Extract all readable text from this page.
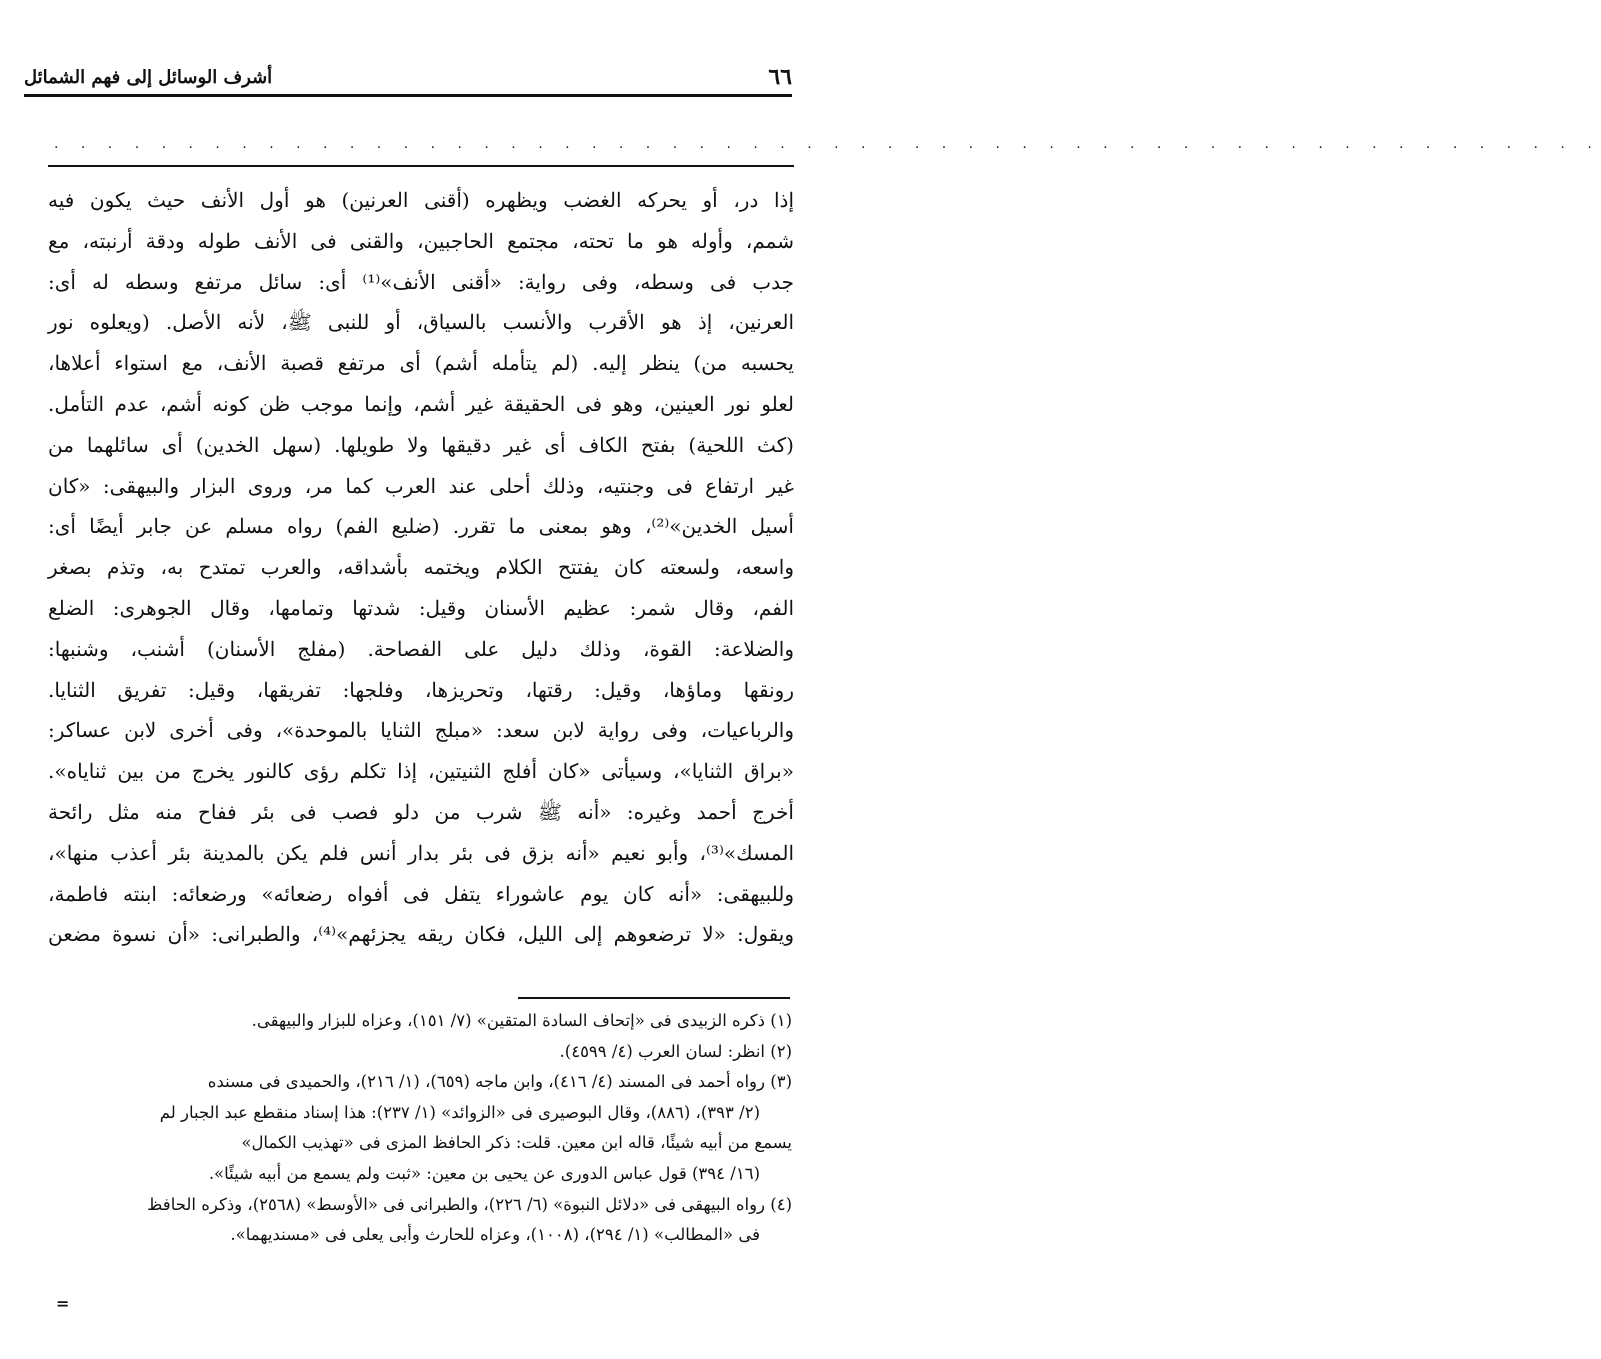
٦٦
أشرف الوسائل إلى فهم الشمائل
. . . . . . . . . . . . . . . . . . . . . . . . . . . . . . . . . . . . . . . . . . . . . . . . . . . . . . . . . .
إذا در، أو يحركه الغضب ويظهره (أقنى العرنين) هو أول الأنف حيث يكون فيه
شمم، وأوله هو ما تحته، مجتمع الحاجبين، والقنى فى الأنف طوله ودقة أرنبته، مع
جدب فى وسطه، وفى رواية: «أقنى الأنف»⁽¹⁾ أى: سائل مرتفع وسطه له أى:
العرنين، إذ هو الأقرب والأنسب بالسياق، أو للنبى ﷺ، لأنه الأصل. (ويعلوه نور
يحسبه من) ينظر إليه. (لم يتأمله أشم) أى مرتفع قصبة الأنف، مع استواء أعلاها،
لعلو نور العينين، وهو فى الحقيقة غير أشم، وإنما موجب ظن كونه أشم، عدم التأمل.
(كث اللحية) بفتح الكاف أى غير دقيقها ولا طويلها. (سهل الخدين) أى سائلهما من
غير ارتفاع فى وجنتيه، وذلك أحلى عند العرب كما مر، وروى البزار والبيهقى: «كان
أسيل الخدين»⁽²⁾، وهو بمعنى ما تقرر. (ضليع الفم) رواه مسلم عن جابر أيضًا أى:
واسعه، ولسعته كان يفتتح الكلام ويختمه بأشداقه، والعرب تمتدح به، وتذم بصغر
الفم، وقال شمر: عظيم الأسنان وقيل: شدتها وتمامها، وقال الجوهرى: الضلع
والضلاعة: القوة، وذلك دليل على الفصاحة. (مفلج الأسنان) أشنب، وشنبها:
رونقها وماؤها، وقيل: رقتها، وتحريزها، وفلجها: تفريقها، وقيل: تفريق الثنايا.
والرباعيات، وفى رواية لابن سعد: «مبلج الثنايا بالموحدة»، وفى أخرى لابن عساكر:
«براق الثنايا»، وسيأتى «كان أفلج الثنيتين، إذا تكلم رؤى كالنور يخرج من بين ثناياه».
أخرج أحمد وغيره: «أنه ﷺ شرب من دلو فصب فى بئر ففاح منه مثل رائحة
المسك»⁽³⁾، وأبو نعيم «أنه بزق فى بئر بدار أنس فلم يكن بالمدينة بئر أعذب منها»،
وللبيهقى: «أنه كان يوم عاشوراء يتفل فى أفواه رضعائه» ورضعائه: ابنته فاطمة،
ويقول: «لا ترضعوهم إلى الليل، فكان ريقه يجزئهم»⁽⁴⁾، والطبرانى: «أن نسوة مضعن
(١) ذكره الزبيدى فى «إتحاف السادة المتقين» (٧/ ١٥١)، وعزاه للبزار والبيهقى.
(٢) انظر: لسان العرب (٤/ ٤٥٩٩).
(٣) رواه أحمد فى المسند (٤/ ٤١٦)، وابن ماجه (٦٥٩)، (١/ ٢١٦)، والحميدى فى مسنده
(٢/ ٣٩٣)، (٨٨٦)، وقال البوصيرى فى «الزوائد» (١/ ٢٣٧): هذا إسناد منقطع عبد الجبار لم
يسمع من أبيه شيئًا، قاله ابن معين. قلت: ذكر الحافظ المزى فى «تهذيب الكمال»
(١٦/ ٣٩٤) قول عباس الدورى عن يحيى بن معين: «ثبت ولم يسمع من أبيه شيئًا».
(٤) رواه البيهقى فى «دلائل النبوة» (٦/ ٢٢٦)، والطبرانى فى «الأوسط» (٢٥٦٨)، وذكره الحافظ
فى «المطالب» (١/ ٢٩٤)، (١٠٠٨)، وعزاه للحارث وأبى يعلى فى «مسنديهما».
=
